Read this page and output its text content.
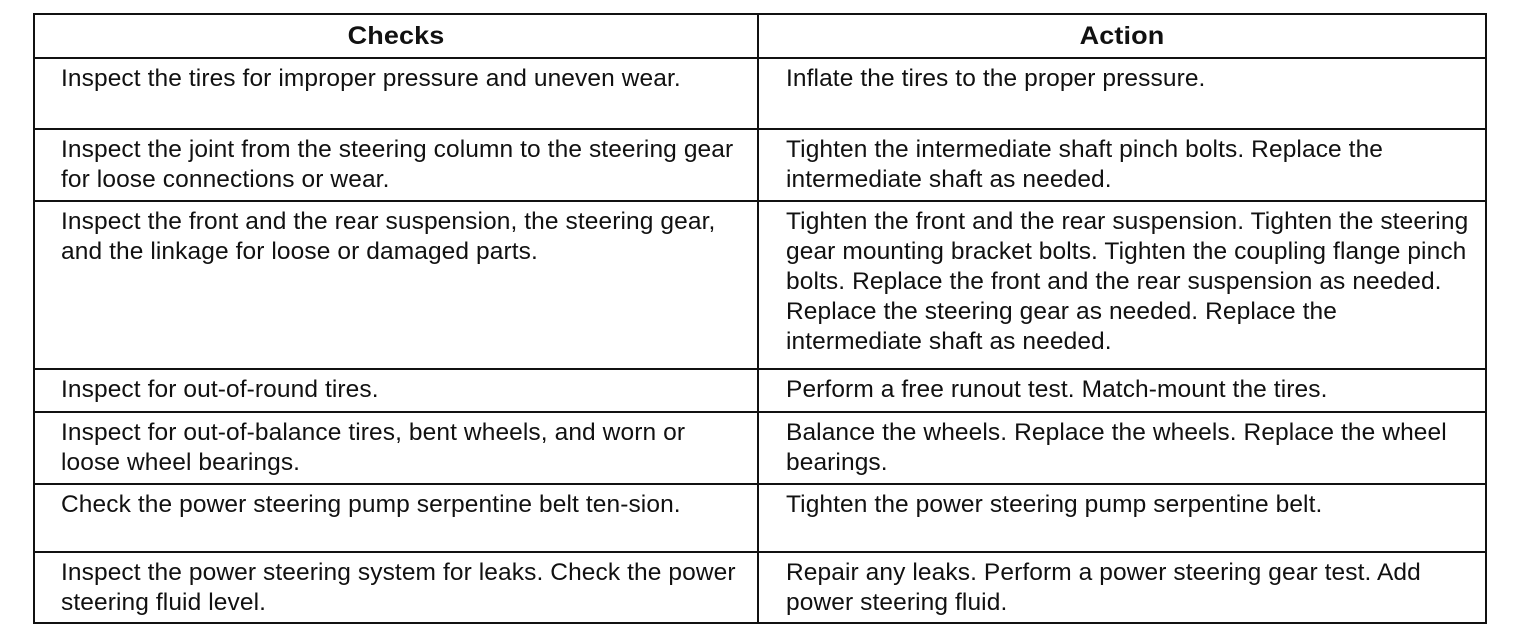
Checks	Action

Inspect the tires for improper pressure and uneven wear.	Inflate the tires to the proper pressure.

Inspect the joint from the steering column to the steering gear for loose connections or wear.	Tighten the intermediate shaft pinch bolts. Replace the intermediate shaft as needed.

Inspect the front and the rear suspension, the steering gear, and the linkage for loose or damaged parts.	Tighten the front and the rear suspension. Tighten the steering gear mounting bracket bolts. Tighten the coupling flange pinch bolts. Replace the front and the rear suspension as needed. Replace the steering gear as needed. Replace the intermediate shaft as needed.

Inspect for out-of-round tires.	Perform a free runout test. Match-mount the tires.

Inspect for out-of-balance tires, bent wheels, and worn or loose wheel bearings.	Balance the wheels. Replace the wheels. Replace the wheel bearings.

Check the power steering pump serpentine belt ten-sion.	Tighten the power steering pump serpentine belt.

Inspect the power steering system for leaks. Check the power steering fluid level.	Repair any leaks. Perform a power steering gear test. Add power steering fluid.
